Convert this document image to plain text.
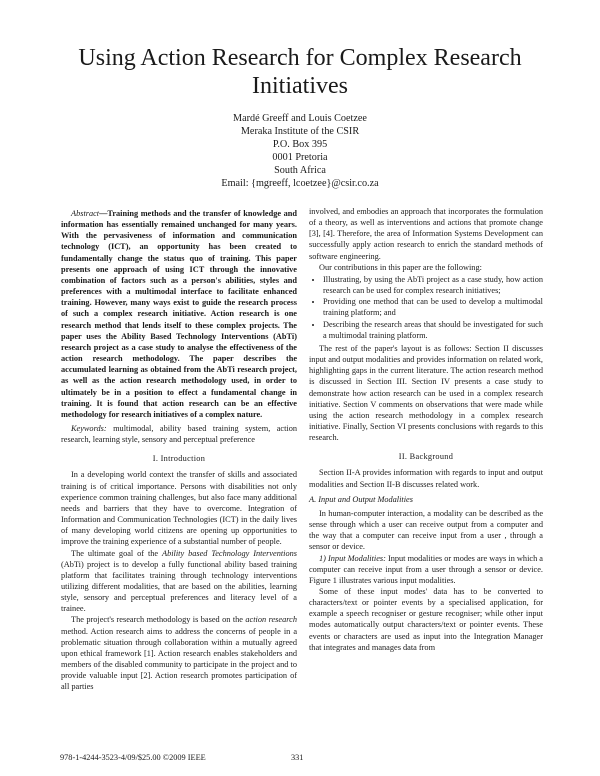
Using Action Research for Complex Research Initiatives
Mardé Greeff and Louis Coetzee
Meraka Institute of the CSIR
P.O. Box 395
0001 Pretoria
South Africa
Email: {mgreeff, lcoetzee}@csir.co.za

Abstract—Training methods and the transfer of knowledge and information has essentially remained unchanged for many years. With the pervasiveness of information and communication technology (ICT), an opportunity has been created to fundamentally change the status quo of training. This paper presents one approach of using ICT through the innovative combination of factors such as a person's abilities, styles and preferences with a multimodal interface to facilitate enhanced training. However, many ways exist to guide the research process of such a complex research initiative. Action research is one research method that lends itself to these complex projects. The paper uses the Ability Based Technology Interventions (AbTi) research project as a case study to analyse the effectiveness of the action research methodology. The paper describes the accumulated learning as obtained from the AbTi research project, as well as the action research methodology used, in order to ultimately be in a position to effect a fundamental change in training. It is found that action research can be an effective methodology for research initiatives of a complex nature.

Keywords: multimodal, ability based training system, action research, learning style, sensory and perceptual preference

I. Introduction

In a developing world context the transfer of skills and associated training is of critical importance. Persons with disabilities not only experience common training challenges, but also face many additional needs and barriers that they have to overcome. Integration of Information and Communication Technologies (ICT) in the daily lives of many developing world citizens are opening up opportunities to improve the training experience of a substantial number of people.

The ultimate goal of the Ability based Technology Interventions (AbTi) project is to develop a fully functional ability based training platform that facilitates training through technology interventions utilizing different modalities, that are based on the abilities, learning style, sensory and perceptual preferences and literacy level of a trainee.

The project's research methodology is based on the action research method. Action research aims to address the concerns of people in a problematic situation through collaboration within a mutually agreed upon ethical framework [1]. Action research enables stakeholders and members of the disabled community to participate in the project and to provide valuable input [2]. Action research promotes participation of all parties

involved, and embodies an approach that incorporates the formulation of a theory, as well as interventions and actions that promote change [3], [4]. Therefore, the area of Information Systems Development can successfully apply action research to enrich the standard methods of software engineering.

Our contributions in this paper are the following:

• Illustrating, by using the AbTi project as a case study, how action research can be used for complex research initiatives;
• Providing one method that can be used to develop a multimodal training platform; and
• Describing the research areas that should be investigated for such a multimodal training platform.

The rest of the paper's layout is as follows: Section II discusses input and output modalities and provides information on related work, highlighting gaps in the current literature. The action research method is discussed in Section III. Section IV presents a case study to demonstrate how action research can be used in a complex research initiative. Section V comments on observations that were made while using the action research methodology in a complex research initiative. Finally, Section VI presents conclusions with regards to this research.

II. Background

Section II-A provides information with regards to input and output modalities and Section II-B discusses related work.

A. Input and Output Modalities

In human-computer interaction, a modality can be described as the sense through which a user can receive output from a computer and the way that a computer can receive input from a user , through a sensor or device.

1) Input Modalities: Input modalities or modes are ways in which a computer can receive input from a user through a sensor or device. Figure 1 illustrates various input modalities.

Some of these input modes' data has to be converted to characters/text or pointer events by a specialised application, for example a speech recogniser or gesture recogniser; while other input modes automatically output characters/text or pointer events. These events or characters are used as input into the Integration Manager that integrates and manages data from

978-1-4244-3523-4/09/$25.00 ©2009 IEEE	331
